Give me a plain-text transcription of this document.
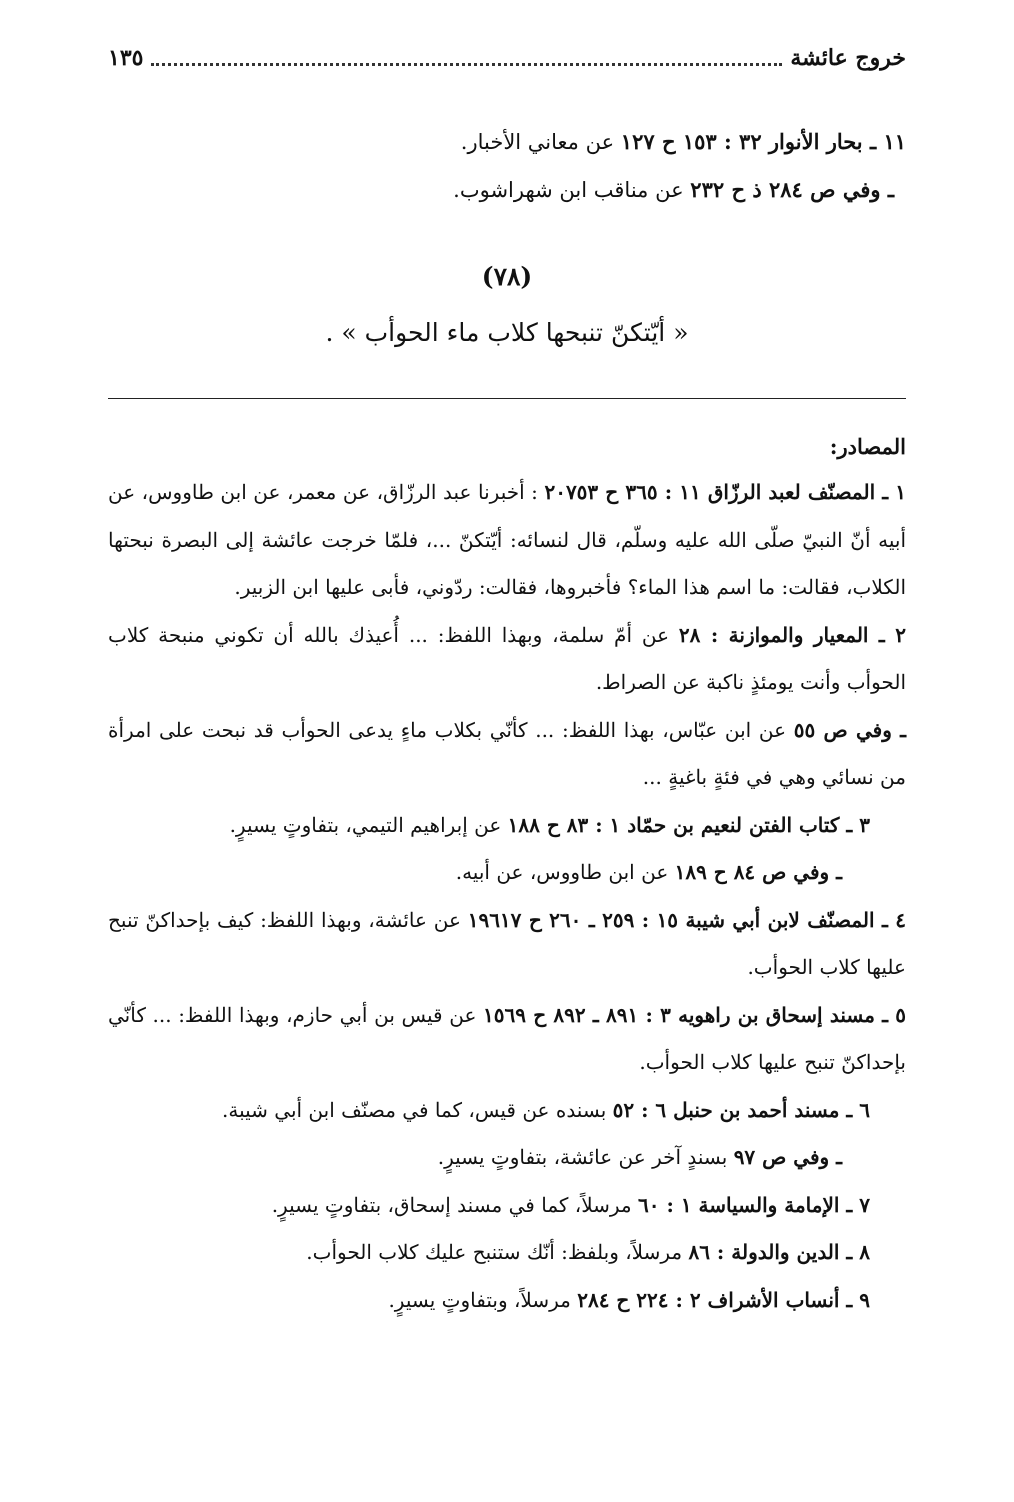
خروج عائشة
١٣٥

١١ ـ بحار الأنوار ٣٢ : ١٥٣ ح ١٢٧ عن معاني الأخبار.

ـ وفي ص ٢٨٤ ذ ح ٢٣٢ عن مناقب ابن شهراشوب.

(٧٨)
« أيّتكنّ تنبحها كلاب ماء الحوأب » .
المصادر:

١ ـ المصنّف لعبد الرزّاق ١١ : ٣٦٥ ح ٢٠٧٥٣ : أخبرنا عبد الرزّاق، عن معمر، عن ابن طاووس، عن أبيه أنّ النبيّ صلّى الله عليه وسلّم، قال لنسائه: أيّتكنّ ...، فلمّا خرجت عائشة إلى البصرة نبحتها الكلاب، فقالت: ما اسم هذا الماء؟ فأخبروها، فقالت: ردّوني، فأبى عليها ابن الزبير.

٢ ـ المعيار والموازنة : ٢٨ عن أمّ سلمة، وبهذا اللفظ: ... أُعيذك بالله أن تكوني منبحة كلاب الحوأب وأنت يومئذٍ ناكبة عن الصراط.

ـ وفي ص ٥٥ عن ابن عبّاس، بهذا اللفظ: ... كأنّي بكلاب ماءٍ يدعى الحوأب قد نبحت على امرأة من نسائي وهي في فئةٍ باغيةٍ ...

٣ ـ كتاب الفتن لنعيم بن حمّاد ١ : ٨٣ ح ١٨٨ عن إبراهيم التيمي، بتفاوتٍ يسيرٍ.

ـ وفي ص ٨٤ ح ١٨٩ عن ابن طاووس، عن أبيه.

٤ ـ المصنّف لابن أبي شيبة ١٥ : ٢٥٩ ـ ٢٦٠ ح ١٩٦١٧ عن عائشة، وبهذا اللفظ: كيف بإحداكنّ تنبح عليها كلاب الحوأب.

٥ ـ مسند إسحاق بن راهويه ٣ : ٨٩١ ـ ٨٩٢ ح ١٥٦٩ عن قيس بن أبي حازم، وبهذا اللفظ: ... كأنّي بإحداكنّ تنبح عليها كلاب الحوأب.

٦ ـ مسند أحمد بن حنبل ٦ : ٥٢ بسنده عن قيس، كما في مصنّف ابن أبي شيبة.

ـ وفي ص ٩٧ بسندٍ آخر عن عائشة، بتفاوتٍ يسيرٍ.

٧ ـ الإمامة والسياسة ١ : ٦٠ مرسلاً، كما في مسند إسحاق، بتفاوتٍ يسيرٍ.

٨ ـ الدين والدولة : ٨٦ مرسلاً، وبلفظ: أنّك ستنبح عليك كلاب الحوأب.

٩ ـ أنساب الأشراف ٢ : ٢٢٤ ح ٢٨٤ مرسلاً، وبتفاوتٍ يسيرٍ.
